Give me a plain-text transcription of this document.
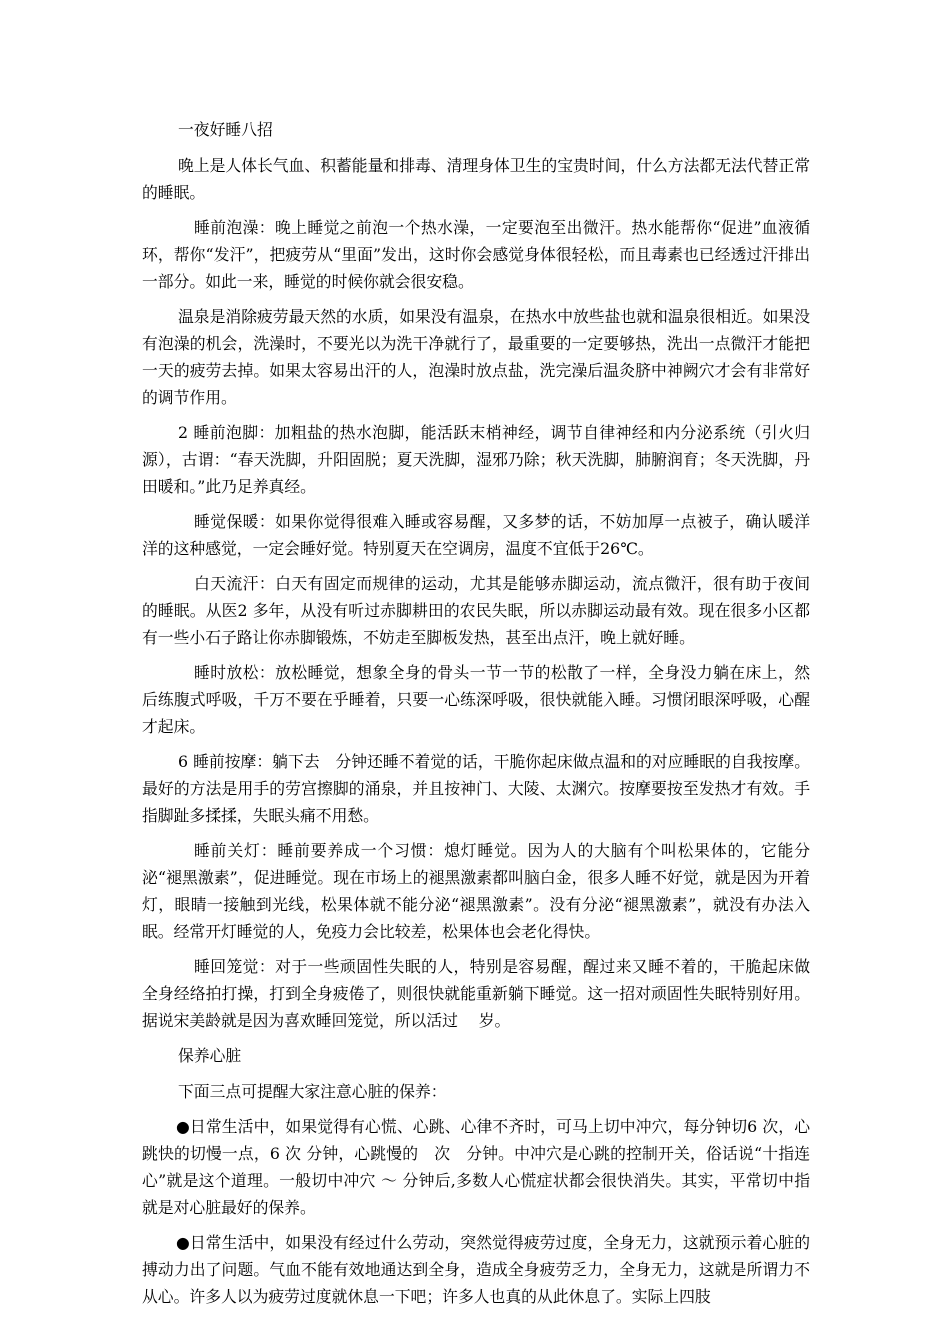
一夜好睡八招

晚上是人体长气血、积蓄能量和排毒、清理身体卫生的宝贵时间，什么方法都无法代替正常的睡眠。

睡前泡澡：晚上睡觉之前泡一个热水澡，一定要泡至出微汗。热水能帮你“促进”血液循环，帮你“发汗”，把疲劳从“里面”发出，这时你会感觉身体很轻松，而且毒素也已经透过汗排出一部分。如此一来，睡觉的时候你就会很安稳。

温泉是消除疲劳最天然的水质，如果没有温泉，在热水中放些盐也就和温泉很相近。如果没有泡澡的机会，洗澡时，不要光以为洗干净就行了，最重要的一定要够热，洗出一点微汗才能把一天的疲劳去掉。如果太容易出汗的人，泡澡时放点盐，洗完澡后温灸脐中神阙穴才会有非常好的调节作用。

2 睡前泡脚：加粗盐的热水泡脚，能活跃末梢神经，调节自律神经和内分泌系统（引火归源），古谓：“春天洗脚，升阳固脱；夏天洗脚，湿邪乃除；秋天洗脚，肺腑润育；冬天洗脚，丹田暖和。”此乃足养真经。

睡觉保暖：如果你觉得很难入睡或容易醒，又多梦的话，不妨加厚一点被子，确认暖洋洋的这种感觉，一定会睡好觉。特别夏天在空调房，温度不宜低于26℃。

白天流汗：白天有固定而规律的运动，尤其是能够赤脚运动，流点微汗，很有助于夜间的睡眠。从医2 多年，从没有听过赤脚耕田的农民失眠，所以赤脚运动最有效。现在很多小区都有一些小石子路让你赤脚锻炼，不妨走至脚板发热，甚至出点汗，晚上就好睡。

睡时放松：放松睡觉，想象全身的骨头一节一节的松散了一样，全身没力躺在床上，然后练腹式呼吸，千万不要在乎睡着，只要一心练深呼吸，很快就能入睡。习惯闭眼深呼吸，心醒才起床。

6 睡前按摩：躺下去　分钟还睡不着觉的话，干脆你起床做点温和的对应睡眠的自我按摩。最好的方法是用手的劳宫擦脚的涌泉，并且按神门、大陵、太渊穴。按摩要按至发热才有效。手指脚趾多揉揉，失眠头痛不用愁。

睡前关灯：睡前要养成一个习惯：熄灯睡觉。因为人的大脑有个叫松果体的，它能分泌“褪黑激素”，促进睡觉。现在市场上的褪黑激素都叫脑白金，很多人睡不好觉，就是因为开着灯，眼睛一接触到光线，松果体就不能分泌“褪黑激素”。没有分泌“褪黑激素”，就没有办法入眠。经常开灯睡觉的人，免疫力会比较差，松果体也会老化得快。

睡回笼觉：对于一些顽固性失眠的人，特别是容易醒，醒过来又睡不着的，干脆起床做全身经络拍打操，打到全身疲倦了，则很快就能重新躺下睡觉。这一招对顽固性失眠特别好用。据说宋美龄就是因为喜欢睡回笼觉，所以活过　 岁。

保养心脏

下面三点可提醒大家注意心脏的保养：

●日常生活中，如果觉得有心慌、心跳、心律不齐时，可马上切中冲穴，每分钟切6 次，心跳快的切慢一点，6 次 分钟，心跳慢的　次　分钟。中冲穴是心跳的控制开关，俗话说“十指连心”就是这个道理。一般切中冲穴 ～ 分钟后,多数人心慌症状都会很快消失。其实，平常切中指就是对心脏最好的保养。

●日常生活中，如果没有经过什么劳动，突然觉得疲劳过度，全身无力，这就预示着心脏的搏动力出了问题。气血不能有效地通达到全身，造成全身疲劳乏力，全身无力，这就是所谓力不从心。许多人以为疲劳过度就休息一下吧；许多人也真的从此休息了。实际上四肢
